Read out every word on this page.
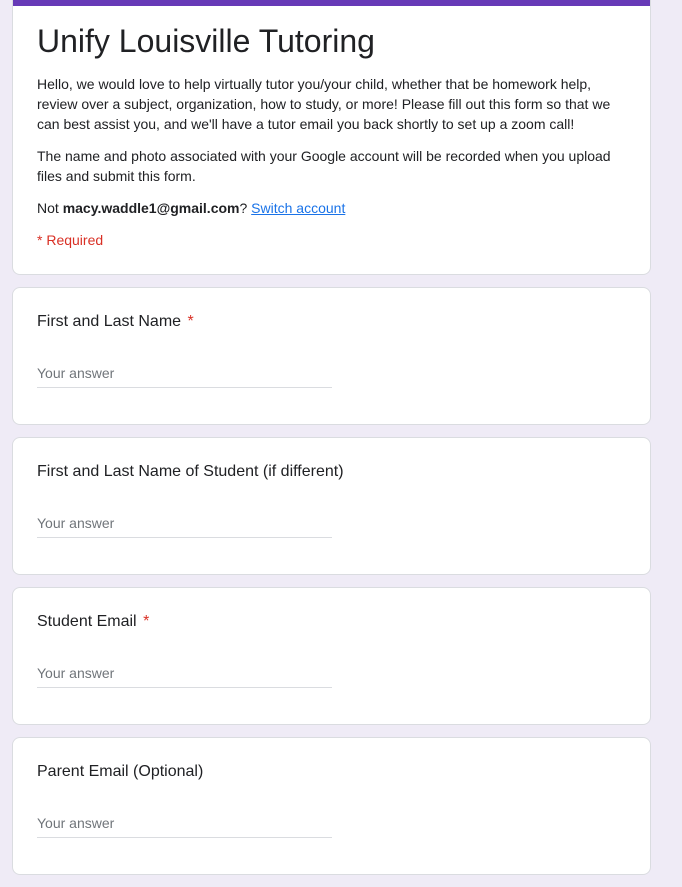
Unify Louisville Tutoring
Hello, we would love to help virtually tutor you/your child, whether that be homework help, review over a subject, organization, how to study, or more! Please fill out this form so that we can best assist you, and we'll have a tutor email you back shortly to set up a zoom call!
The name and photo associated with your Google account will be recorded when you upload files and submit this form.
Not macy.waddle1@gmail.com? Switch account
* Required
First and Last Name *
Your answer
First and Last Name of Student (if different)
Your answer
Student Email *
Your answer
Parent Email (Optional)
Your answer
